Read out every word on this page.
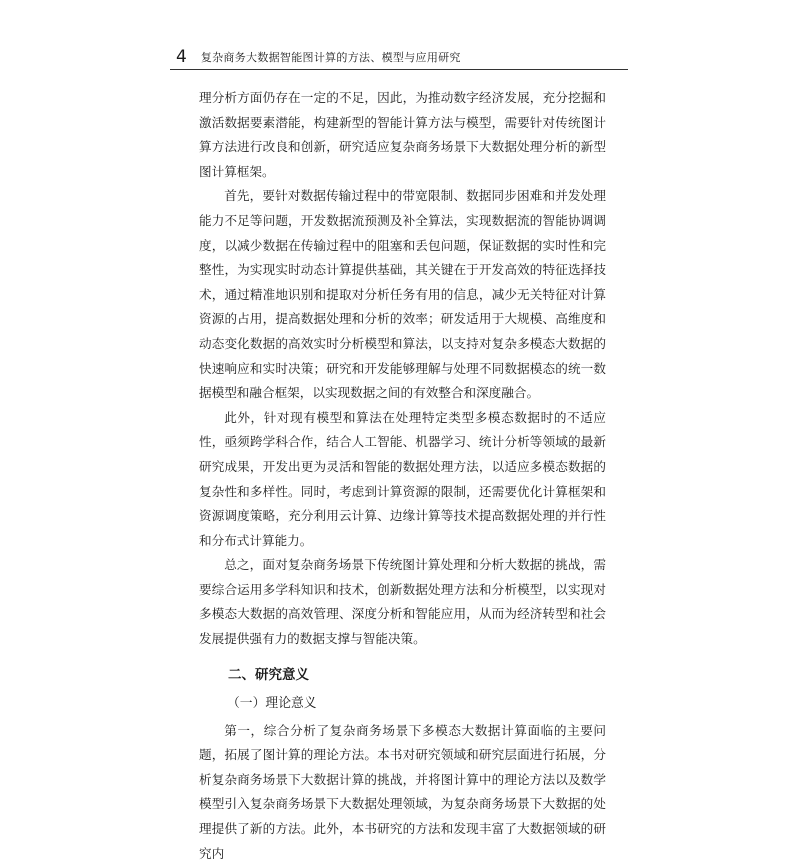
4 复杂商务大数据智能图计算的方法、模型与应用研究

理分析方面仍存在一定的不足，因此，为推动数字经济发展，充分挖掘和激活数据要素潜能，构建新型的智能计算方法与模型，需要针对传统图计算方法进行改良和创新，研究适应复杂商务场景下大数据处理分析的新型图计算框架。

首先，要针对数据传输过程中的带宽限制、数据同步困难和并发处理能力不足等问题，开发数据流预测及补全算法，实现数据流的智能协调调度，以减少数据在传输过程中的阻塞和丢包问题，保证数据的实时性和完整性，为实现实时动态计算提供基础，其关键在于开发高效的特征选择技术，通过精准地识别和提取对分析任务有用的信息，减少无关特征对计算资源的占用，提高数据处理和分析的效率；研发适用于大规模、高维度和动态变化数据的高效实时分析模型和算法，以支持对复杂多模态大数据的快速响应和实时决策；研究和开发能够理解与处理不同数据模态的统一数据模型和融合框架，以实现数据之间的有效整合和深度融合。

此外，针对现有模型和算法在处理特定类型多模态数据时的不适应性，亟须跨学科合作，结合人工智能、机器学习、统计分析等领域的最新研究成果，开发出更为灵活和智能的数据处理方法，以适应多模态数据的复杂性和多样性。同时，考虑到计算资源的限制，还需要优化计算框架和资源调度策略，充分利用云计算、边缘计算等技术提高数据处理的并行性和分布式计算能力。

总之，面对复杂商务场景下传统图计算处理和分析大数据的挑战，需要综合运用多学科知识和技术，创新数据处理方法和分析模型，以实现对多模态大数据的高效管理、深度分析和智能应用，从而为经济转型和社会发展提供强有力的数据支撑与智能决策。

二、研究意义
（一）理论意义

第一，综合分析了复杂商务场景下多模态大数据计算面临的主要问题，拓展了图计算的理论方法。本书对研究领域和研究层面进行拓展，分析复杂商务场景下大数据计算的挑战，并将图计算中的理论方法以及数学模型引入复杂商务场景下大数据处理领域，为复杂商务场景下大数据的处理提供了新的方法。此外，本书研究的方法和发现丰富了大数据领域的研究内
